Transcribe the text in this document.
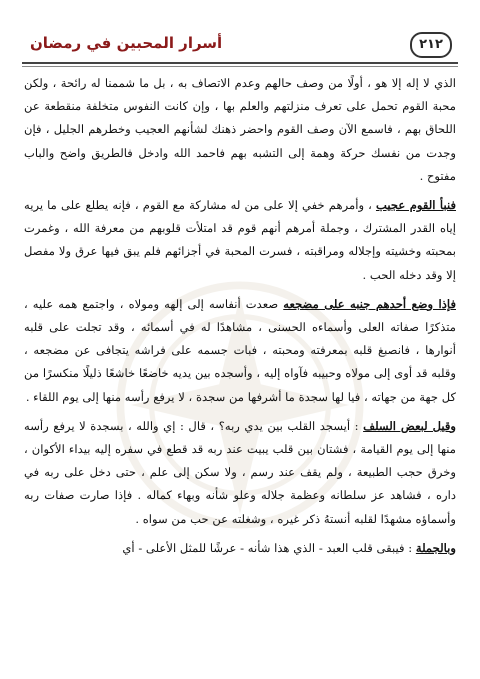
أسرار المحبين في رمضان	٢١٢

الذي لا إله إلا هو ، أولًا من وصف حالهم وعدم الاتصاف به ، بل ما شممنا له رائحة ، ولكن محبة القوم تحمل على تعرف منزلتهم والعلم بها ، وإن كانت النفوس متخلفة منقطعة عن اللحاق بهم ، فاسمع الآن وصف القوم واحضر ذهنك لشأنهم العجيب وخطرهم الجليل ، فإن وجدت من نفسك حركة وهمة إلى التشبه بهم فاحمد الله وادخل فالطريق واضح والباب مفتوح .

فنبأ القوم عجيب ، وأمرهم خفي إلا على من له مشاركة مع القوم ، فإنه يطلع على ما يريه إياه القدر المشترك ، وجملة أمرهم أنهم قوم قد امتلأت قلوبهم من معرفة الله ، وغمرت بمحبته وخشيته وإجلاله ومراقبته ، فسرت المحبة في أجزائهم فلم يبق فيها عرق ولا مفصل إلا وقد دخله الحب .

فإذا وضع أحدهم جنبه على مضجعه صعدت أنفاسه إلى إلهه ومولاه ، واجتمع همه عليه ، متذكرًا صفاته العلى وأسماءه الحسنى ، مشاهدًا له في أسمائه ، وقد تجلت على قلبه أنوارها ، فانصبغ قلبه بمعرفته ومحبته ، فبات جسمه على فراشه يتجافى عن مضجعه ، وقلبه قد أوى إلى مولاه وحبيبه فآواه إليه ، وأسجده بين يديه خاضعًا خاشعًا ذليلًا منكسرًا من كل جهة من جهاته ، فيا لها سجدة ما أشرفها من سجدة ، لا يرفع رأسه منها إلى يوم اللقاء .

وقيل لبعض السلف : أيسجد القلب بين يدي ربه؟ ، قال : إي والله ، بسجدة لا يرفع رأسه منها إلى يوم القيامة ، فشتان بين قلب يبيت عند ربه قد قطع في سفره إليه بيداء الأكوان ، وخرق حجب الطبيعة ، ولم يقف عند رسم ، ولا سكن إلى علم ، حتى دخل على ربه في داره ، فشاهد عز سلطانه وعظمة جلاله وعلو شأنه وبهاء كماله . فإذا صارت صفات ربه وأسماؤه مشهدًا لقلبه أنستهُ ذكر غيره ، وشغلته عن حب من سواه .

وبالجملة : فيبقى قلب العبد - الذي هذا شأنه - عرشًا للمثل الأعلى - أي
